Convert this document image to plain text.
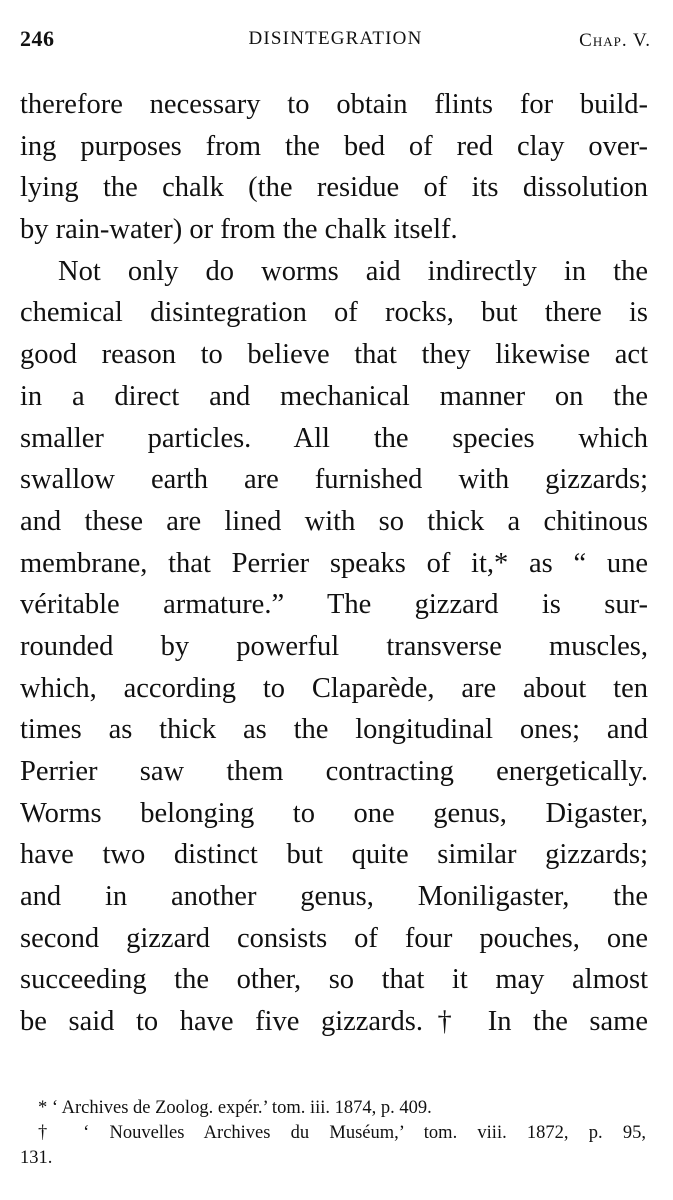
246	DISINTEGRATION	Chap. V.
therefore necessary to obtain flints for build-
ing purposes from the bed of red clay over-
lying the chalk (the residue of its dissolution
by rain-water) or from the chalk itself.
Not only do worms aid indirectly in the
chemical disintegration of rocks, but there is
good reason to believe that they likewise act
in a direct and mechanical manner on the
smaller particles. All the species which
swallow earth are furnished with gizzards;
and these are lined with so thick a chitinous
membrane, that Perrier speaks of it,* as “ une
véritable armature.” The gizzard is sur-
rounded by powerful transverse muscles,
which, according to Claparède, are about ten
times as thick as the longitudinal ones; and
Perrier saw them contracting energetically.
Worms belonging to one genus, Digaster,
have two distinct but quite similar gizzards;
and in another genus, Moniligaster, the
second gizzard consists of four pouches, one
succeeding the other, so that it may almost
be said to have five gizzards.† In the same
* ‘ Archives de Zoolog. expér.’ tom. iii. 1874, p. 409.
† ‘ Nouvelles Archives du Muséum,’ tom. viii. 1872, p. 95,
131.
